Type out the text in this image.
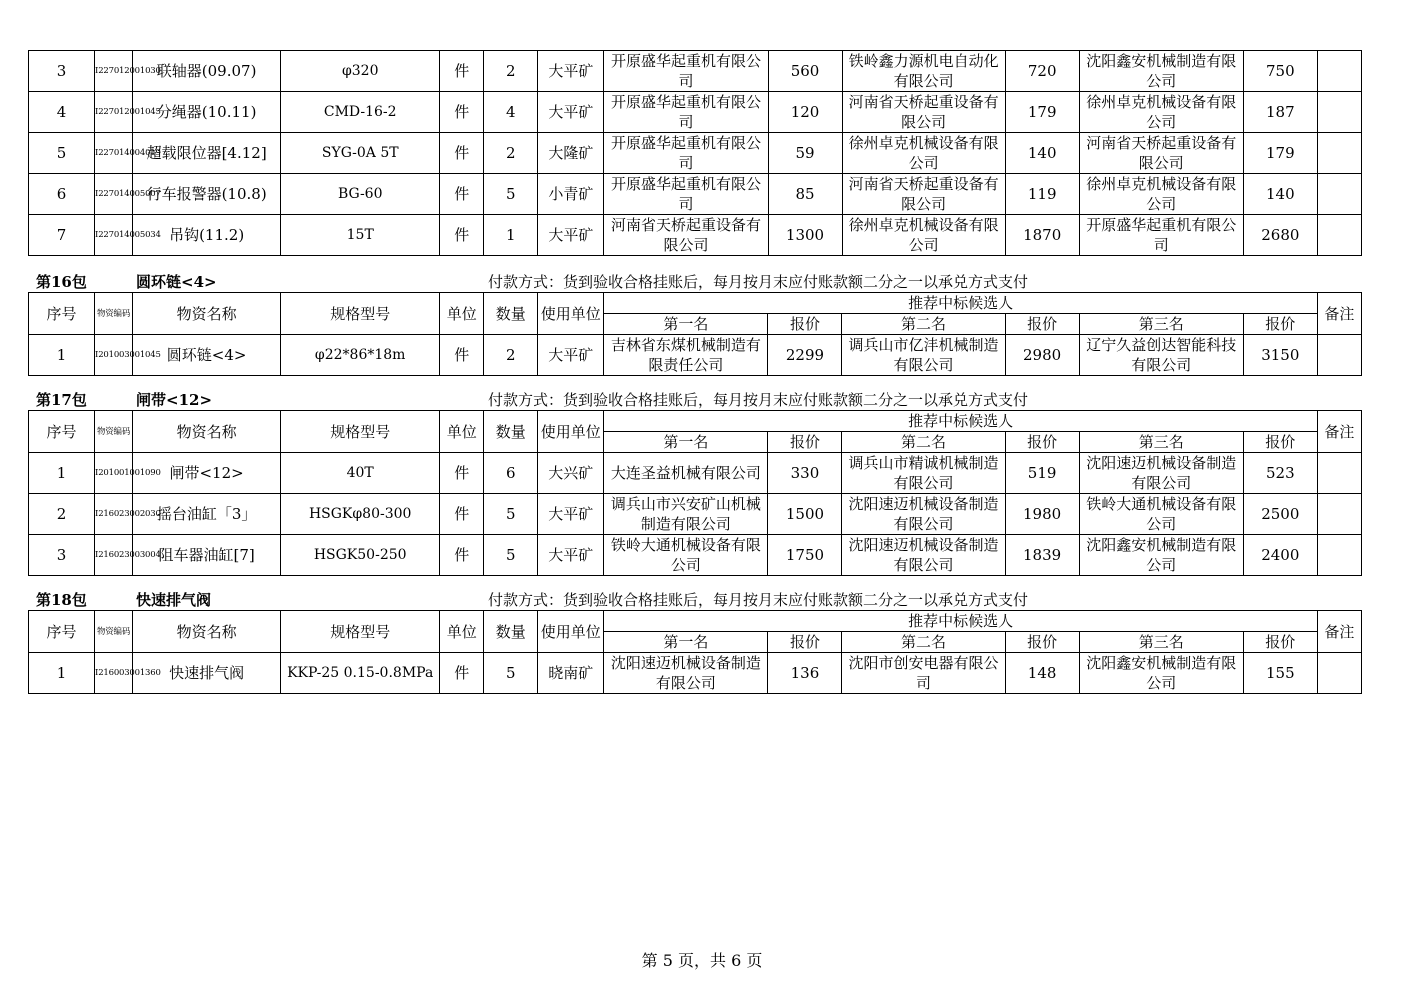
3	I227012001030	联轴器(09.07)	φ320	件	2	大平矿	开原盛华起重机有限公司	560	铁岭鑫力源机电自动化有限公司	720	沈阳鑫安机械制造有限公司	750	
4	I227012001045	分绳器(10.11)	CMD-16-2	件	4	大平矿	开原盛华起重机有限公司	120	河南省天桥起重设备有限公司	179	徐州卓克机械设备有限公司	187	
5	I227014004019	超载限位器[4.12]	SYG-0A 5T	件	2	大隆矿	开原盛华起重机有限公司	59	徐州卓克机械设备有限公司	140	河南省天桥起重设备有限公司	179	
6	I227014005007	行车报警器(10.8)	BG-60	件	5	小青矿	开原盛华起重机有限公司	85	河南省天桥起重设备有限公司	119	徐州卓克机械设备有限公司	140	
7	I227014005034	吊钩(11.2)	15T	件	1	大平矿	河南省天桥起重设备有限公司	1300	徐州卓克机械设备有限公司	1870	开原盛华起重机有限公司	2680	
第16包	圆环链<4>	付款方式：货到验收合格挂账后，每月按月末应付账款额二分之一以承兑方式支付
序号	物资编码	物资名称	规格型号	单位	数量	使用单位	推荐中标候选人						备注
							第一名	报价	第二名	报价	第三名	报价	
1	I201003001045	圆环链<4>	φ22*86*18m	件	2	大平矿	吉林省东煤机械制造有限责任公司	2299	调兵山市亿沣机械制造有限公司	2980	辽宁久益创达智能科技有限公司	3150	
第17包	闸带<12>	付款方式：货到验收合格挂账后，每月按月末应付账款额二分之一以承兑方式支付
序号	物资编码	物资名称	规格型号	单位	数量	使用单位	推荐中标候选人						备注
							第一名	报价	第二名	报价	第三名	报价	
1	I201001001090	闸带<12>	40T	件	6	大兴矿	大连圣益机械有限公司	330	调兵山市精诚机械制造有限公司	519	沈阳速迈机械设备制造有限公司	523	
2	I216023002030	摇台油缸「3」	HSGKφ80-300	件	5	大平矿	调兵山市兴安矿山机械制造有限公司	1500	沈阳速迈机械设备制造有限公司	1980	铁岭大通机械设备有限公司	2500	
3	I216023003004	阻车器油缸[7]	HSGK50-250	件	5	大平矿	铁岭大通机械设备有限公司	1750	沈阳速迈机械设备制造有限公司	1839	沈阳鑫安机械制造有限公司	2400	
第18包	快速排气阀	付款方式：货到验收合格挂账后，每月按月末应付账款额二分之一以承兑方式支付
序号	物资编码	物资名称	规格型号	单位	数量	使用单位	推荐中标候选人						备注
							第一名	报价	第二名	报价	第三名	报价	
1	I216003001360	快速排气阀	KKP-25 0.15-0.8MPa	件	5	晓南矿	沈阳速迈机械设备制造有限公司	136	沈阳市创安电器有限公司	148	沈阳鑫安机械制造有限公司	155	
第 5 页，共 6 页
